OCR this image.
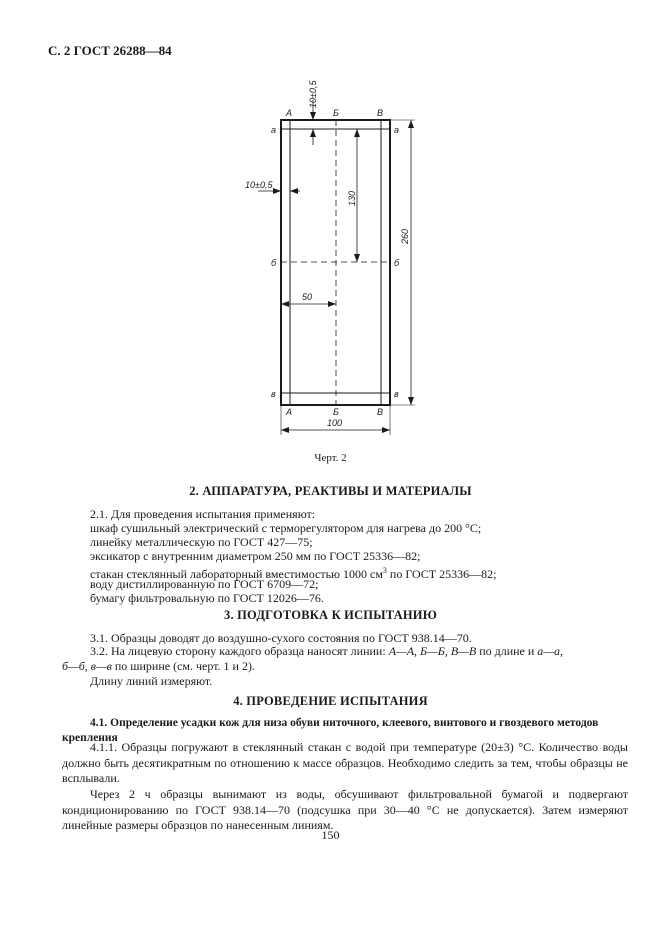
С. 2 ГОСТ 26288—84
А	Б	В
А	Б	В
а
б
в
а
б
в
10±0,5
10±0,5
130
260
50
100
Черт. 2
2. АППАРАТУРА, РЕАКТИВЫ И МАТЕРИАЛЫ
2.1. Для проведения испытания применяют:
шкаф сушильный электрический с терморегулятором для нагрева до 200 °С;
линейку металлическую по ГОСТ 427—75;
эксикатор с внутренним диаметром 250 мм по ГОСТ 25336—82;
стакан стеклянный лабораторный вместимостью 1000 $см^3$ по ГОСТ 25336—82;
воду дистиллированную по ГОСТ 6709—72;
бумагу фильтровальную по ГОСТ 12026—76.
3. ПОДГОТОВКА К ИСПЫТАНИЮ
3.1. Образцы доводят до воздушно-сухого состояния по ГОСТ 938.14—70.
3.2. На лицевую сторону каждого образца наносят линии: А—А, Б—Б, В—В по длине и а—а,
б—б, в—в по ширине (см. черт. 1 и 2).
Длину линий измеряют.
4. ПРОВЕДЕНИЕ ИСПЫТАНИЯ
4.1. Определение усадки кож для низа обуви ниточного, клеевого, винтового и гвоздевого методов крепления
4.1.1. Образцы погружают в стеклянный стакан с водой при температуре (20±3) °С. Количество воды должно быть десятикратным по отношению к массе образцов. Необходимо следить за тем, чтобы образцы не всплывали.
Через 2 ч образцы вынимают из воды, обсушивают фильтровальной бумагой и подвергают кондиционированию по ГОСТ 938.14—70 (подсушка при 30—40 °С не допускается). Затем измеряют линейные размеры образцов по нанесенным линиям.
150
